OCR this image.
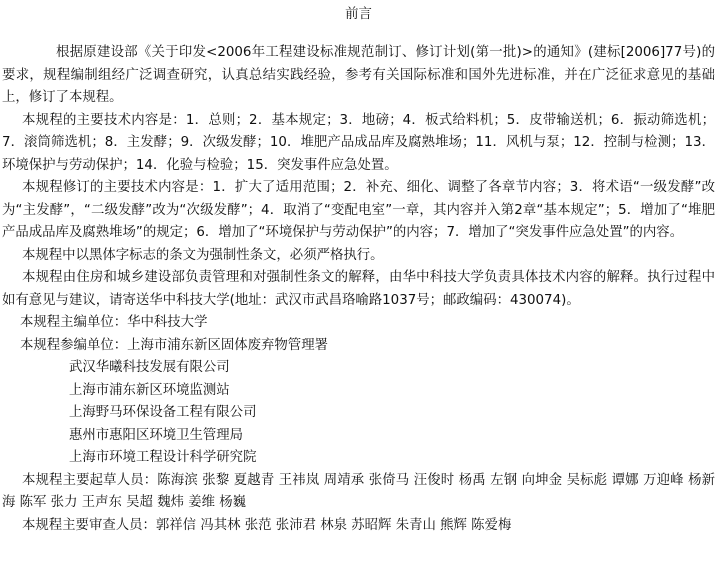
前言

根据原建设部《关于印发<2006年工程建设标准规范制订、修订计划(第一批)>的通知》(建标[2006]77号)的要求，规程编制组经广泛调查研究，认真总结实践经验，参考有关国际标准和国外先进标准，并在广泛征求意见的基础上，修订了本规程。

本规程的主要技术内容是：1．总则；2．基本规定；3．地磅；4．板式给料机；5．皮带输送机；6．振动筛选机；7．滚筒筛选机；8．主发酵；9．次级发酵；10．堆肥产品成品库及腐熟堆场；11．风机与泵；12．控制与检测；13．环境保护与劳动保护；14．化验与检验；15．突发事件应急处置。

本规程修订的主要技术内容是：1．扩大了适用范围；2．补充、细化、调整了各章节内容；3．将术语“一级发酵”改为“主发酵”，“二级发酵”改为“次级发酵”；4．取消了“变配电室”一章，其内容并入第2章“基本规定”；5．增加了“堆肥产品成品库及腐熟堆场”的规定；6．增加了“环境保护与劳动保护”的内容；7．增加了“突发事件应急处置”的内容。

本规程中以黑体字标志的条文为强制性条文，必须严格执行。

本规程由住房和城乡建设部负责管理和对强制性条文的解释，由华中科技大学负责具体技术内容的解释。执行过程中如有意见与建议，请寄送华中科技大学(地址：武汉市武昌珞喻路1037号；邮政编码：430074)。

本规程主编单位：华中科技大学

本规程参编单位：上海市浦东新区固体废弃物管理署

武汉华曦科技发展有限公司

上海市浦东新区环境监测站

上海野马环保设备工程有限公司

惠州市惠阳区环境卫生管理局

上海市环境工程设计科学研究院

本规程主要起草人员：陈海滨 张黎 夏越青 王祎岚 周靖承 张倚马 汪俊时 杨禹 左钢 向坤金 吴标彪 谭娜 万迎峰 杨新海 陈军 张力 王声东 吴超 魏炜 姜维 杨巍

本规程主要审查人员：郭祥信 冯其林 张范 张沛君 林泉 苏昭辉 朱青山 熊辉 陈爱梅
